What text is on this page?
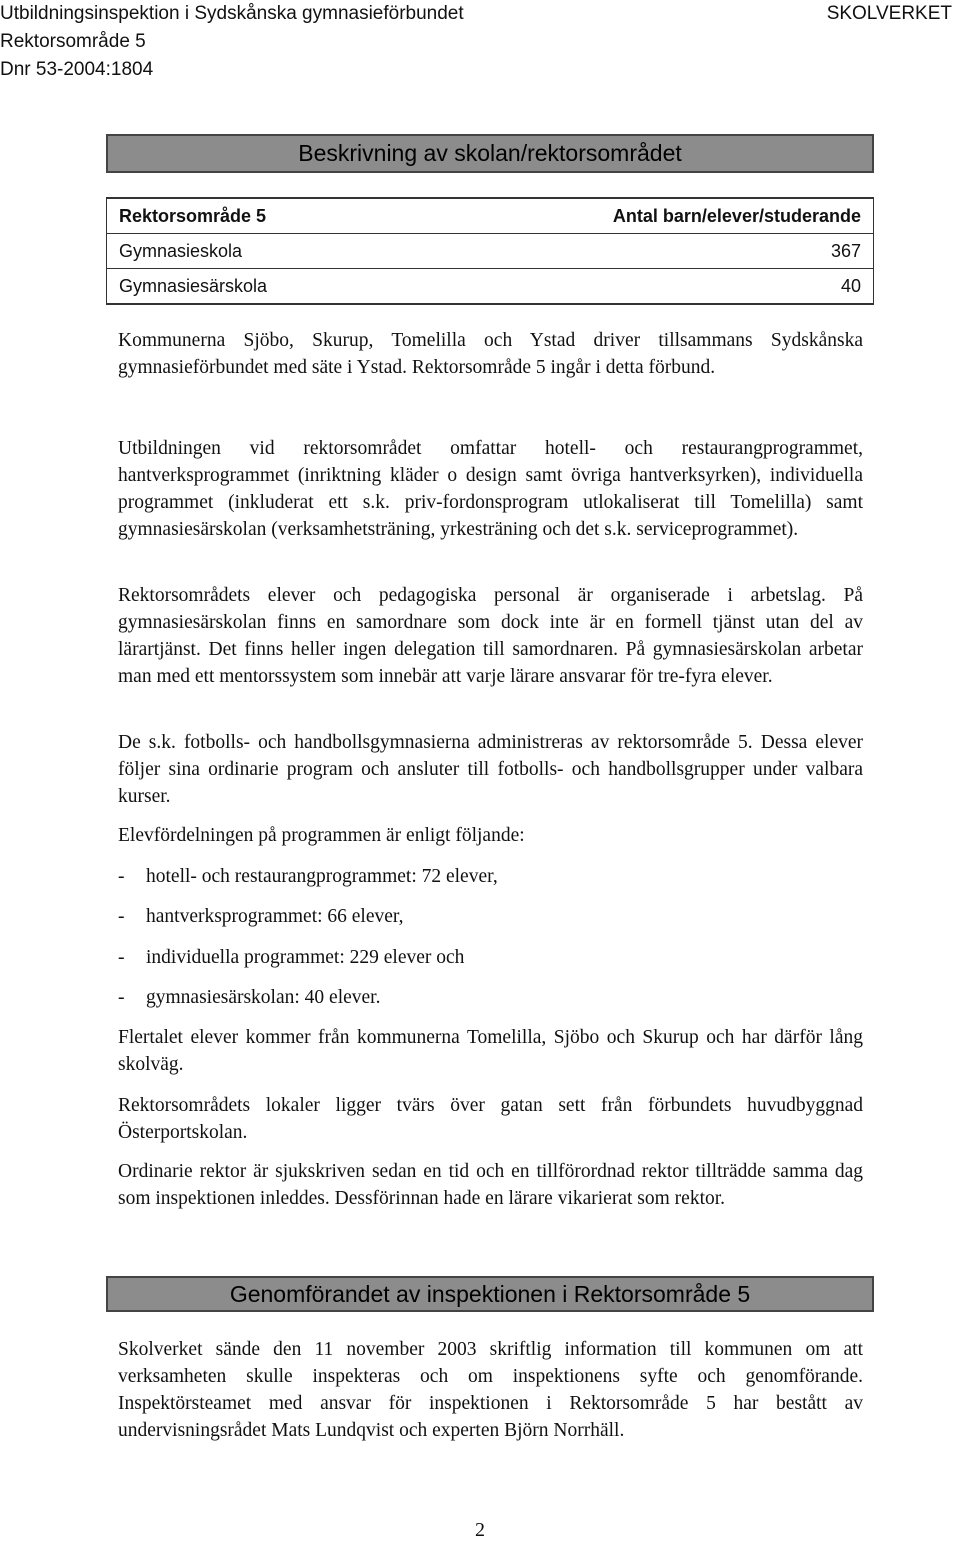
Utbildningsinspektion i Sydskånska gymnasieförbundet
Rektorsområde 5
Dnr 53-2004:1804
SKOLVERKET
Beskrivning av skolan/rektorsområdet
Rektorsområde 5	Antal barn/elever/studerande
Gymnasieskola	367
Gymnasiesärskola	40

Kommunerna Sjöbo, Skurup, Tomelilla och Ystad driver tillsammans Sydskånska gymnasieförbundet med säte i Ystad. Rektorsområde 5 ingår i detta förbund.

Utbildningen vid rektorsområdet omfattar hotell- och restaurangprogrammet, hantverksprogrammet (inriktning kläder o design samt övriga hantverksyrken), individuella programmet (inkluderat ett s.k. priv-fordonsprogram utlokaliserat till Tomelilla) samt gymnasiesärskolan (verksamhetsträning, yrkesträning och det s.k. serviceprogrammet).

Rektorsområdets elever och pedagogiska personal är organiserade i arbetslag. På gymnasiesärskolan finns en samordnare som dock inte är en formell tjänst utan del av lärartjänst. Det finns heller ingen delegation till samordnaren. På gymnasiesärskolan arbetar man med ett mentorssystem som innebär att varje lärare ansvarar för tre-fyra elever.

De s.k. fotbolls- och handbollsgymnasierna administreras av rektorsområde 5. Dessa elever följer sina ordinarie program och ansluter till fotbolls- och handbollsgrupper under valbara kurser.

Elevfördelningen på programmen är enligt följande:

- hotell- och restaurangprogrammet: 72 elever,
- hantverksprogrammet: 66 elever,
- individuella programmet: 229 elever och
- gymnasiesärskolan: 40 elever.

Flertalet elever kommer från kommunerna Tomelilla, Sjöbo och Skurup och har därför lång skolväg.

Rektorsområdets lokaler ligger tvärs över gatan sett från förbundets huvudbyggnad Österportskolan.

Ordinarie rektor är sjukskriven sedan en tid och en tillförordnad rektor tillträdde samma dag som inspektionen inleddes. Dessförinnan hade en lärare vikarierat som rektor.

Genomförandet av inspektionen i Rektorsområde 5

Skolverket sände den 11 november 2003 skriftlig information till kommunen om att verksamheten skulle inspekteras och om inspektionens syfte och genomförande. Inspektörsteamet med ansvar för inspektionen i Rektorsområde 5 har bestått av undervisningsrådet Mats Lundqvist och experten Björn Norrhäll.

2
